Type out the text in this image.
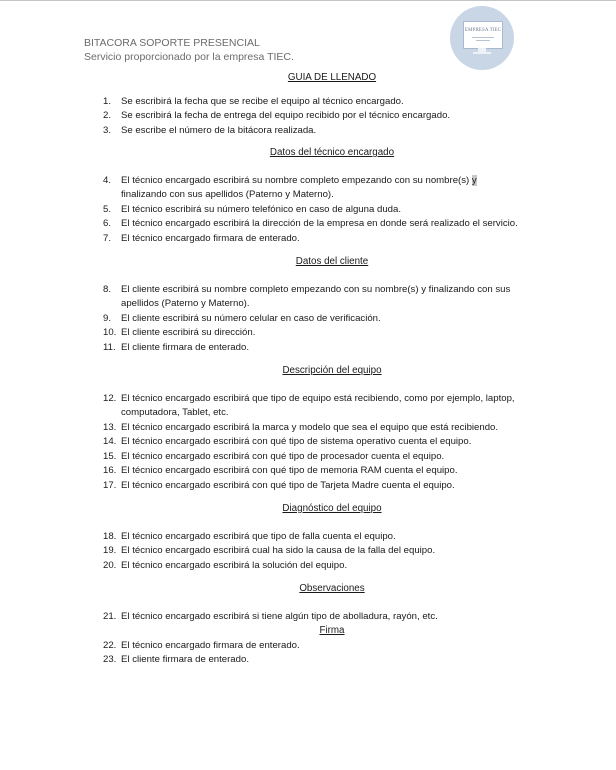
BITACORA SOPORTE PRESENCIAL
Servicio proporcionado por la empresa TIEC.
EMPRESA TIEC
GUIA DE LLENADO
1. Se escribirá la fecha que se recibe el equipo al técnico encargado.
2. Se escribirá la fecha de entrega del equipo recibido por el técnico encargado.
3. Se escribe el número de la bitácora realizada.
Datos del técnico encargado
4. El técnico encargado escribirá su nombre completo empezando con su nombre(s) y finalizando con sus apellidos (Paterno y Materno).
5. El técnico escribirá su número telefónico en caso de alguna duda.
6. El técnico encargado escribirá la dirección de la empresa en donde será realizado el servicio.
7. El técnico encargado firmara de enterado.
Datos del cliente
8. El cliente escribirá su nombre completo empezando con su nombre(s) y finalizando con sus apellidos (Paterno y Materno).
9. El cliente escribirá su número celular en caso de verificación.
10. El cliente escribirá su dirección.
11. El cliente firmara de enterado.
Descripción del equipo
12. El técnico encargado escribirá que tipo de equipo está recibiendo, como por ejemplo, laptop, computadora, Tablet, etc.
13. El técnico encargado escribirá la marca y modelo que sea el equipo que está recibiendo.
14. El técnico encargado escribirá con qué tipo de sistema operativo cuenta el equipo.
15. El técnico encargado escribirá con qué tipo de procesador cuenta el equipo.
16. El técnico encargado escribirá con qué tipo de memoria RAM cuenta el equipo.
17. El técnico encargado escribirá con qué tipo de Tarjeta Madre cuenta el equipo.
Diagnóstico del equipo
18. El técnico encargado escribirá que tipo de falla cuenta el equipo.
19. El técnico encargado escribirá cual ha sido la causa de la falla del equipo.
20. El técnico encargado escribirá la solución del equipo.
Observaciones
21. El técnico encargado escribirá si tiene algún tipo de abolladura, rayón, etc.
Firma
22. El técnico encargado firmara de enterado.
23. El cliente firmara de enterado.
